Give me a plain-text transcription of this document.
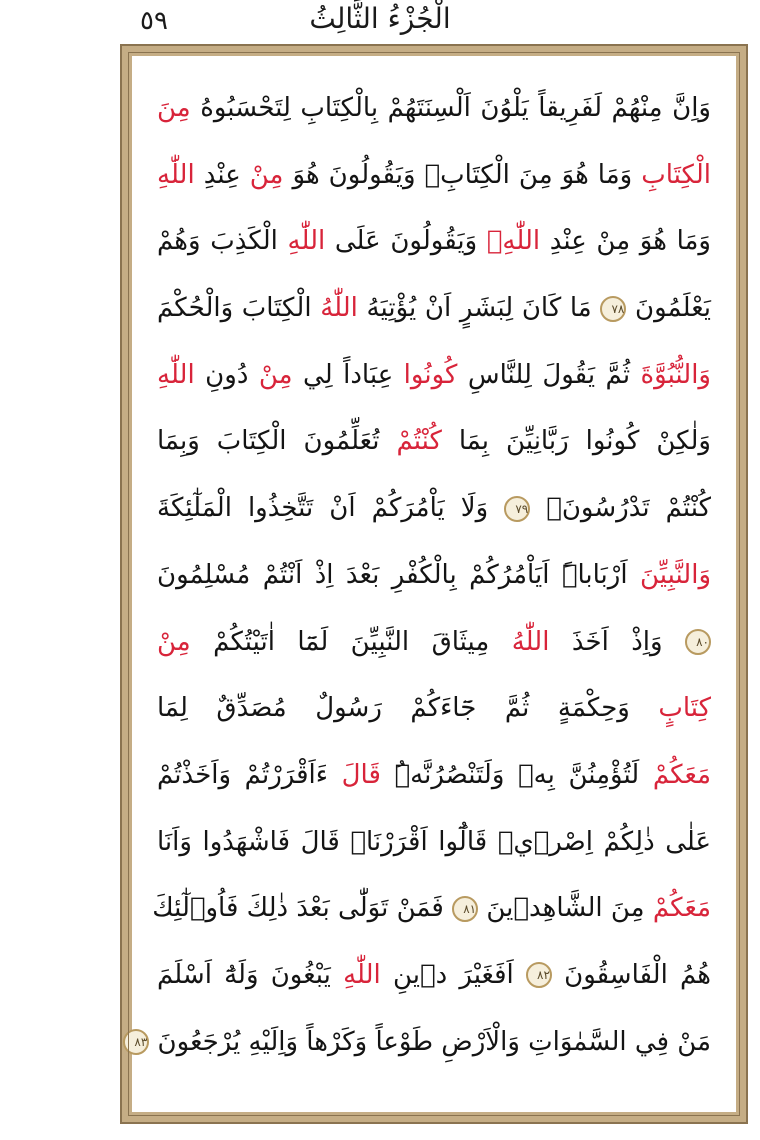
٥٩	الْجُزْءُ الثَّالِثُ
وَاِنَّ مِنْهُمْ لَفَرِيقاً يَلْوُنَ اَلْسِنَتَهُمْ بِالْكِتَابِ لِتَحْسَبُوهُ مِنَ
الْكِتَابِ وَمَا هُوَ مِنَ الْكِتَابِۚ وَيَقُولُونَ هُوَ مِنْ عِنْدِ اللّٰهِ
وَمَا هُوَ مِنْ عِنْدِ اللّٰهِۚ وَيَقُولُونَ عَلَى اللّٰهِ الْكَذِبَ وَهُمْ
يَعْلَمُونَ ٧٨ مَا كَانَ لِبَشَرٍ اَنْ يُؤْتِيَهُ اللّٰهُ الْكِتَابَ وَالْحُكْمَ
وَالنُّبُوَّةَ ثُمَّ يَقُولَ لِلنَّاسِ كُونُوا عِبَاداً لِي مِنْ دُونِ اللّٰهِ
وَلٰكِنْ كُونُوا رَبَّانِيِّنَ بِمَا كُنْتُمْ تُعَلِّمُونَ الْكِتَابَ وَبِمَا
كُنْتُمْ تَدْرُسُونَۙ ٧٩ وَلَا يَاْمُرَكُمْ اَنْ تَتَّخِذُوا الْمَلٰٓئِكَةَ
وَالنَّبِيِّنَ اَرْبَاباًۜ اَيَاْمُرُكُمْ بِالْكُفْرِ بَعْدَ اِذْ اَنْتُمْ مُسْلِمُونَ
٨٠ وَاِذْ اَخَذَ اللّٰهُ مِيثَاقَ النَّبِيِّنَ لَمَٓا اٰتَيْتُكُمْ مِنْ
كِتَابٍ وَحِكْمَةٍ ثُمَّ جَٓاءَكُمْ رَسُولٌ مُصَدِّقٌ لِمَا
مَعَكُمْ لَتُؤْمِنُنَّ بِهٖ وَلَتَنْصُرُنَّهُۜ قَالَ ءَاَقْرَرْتُمْ وَاَخَذْتُمْ
عَلٰى ذٰلِكُمْ اِصْرٖيۜ قَالُٓوا اَقْرَرْنَاۜ قَالَ فَاشْهَدُوا وَاَنَا
مَعَكُمْ مِنَ الشَّاهِدٖينَ ٨١ فَمَنْ تَوَلّٰى بَعْدَ ذٰلِكَ فَاُو۬لٰٓئِكَ
هُمُ الْفَاسِقُونَ ٨٢ اَفَغَيْرَ دٖينِ اللّٰهِ يَبْغُونَ وَلَهُٓ اَسْلَمَ
مَنْ فِي السَّمٰوَاتِ وَالْاَرْضِ طَوْعاً وَكَرْهاً وَاِلَيْهِ يُرْجَعُونَ ٨٣
